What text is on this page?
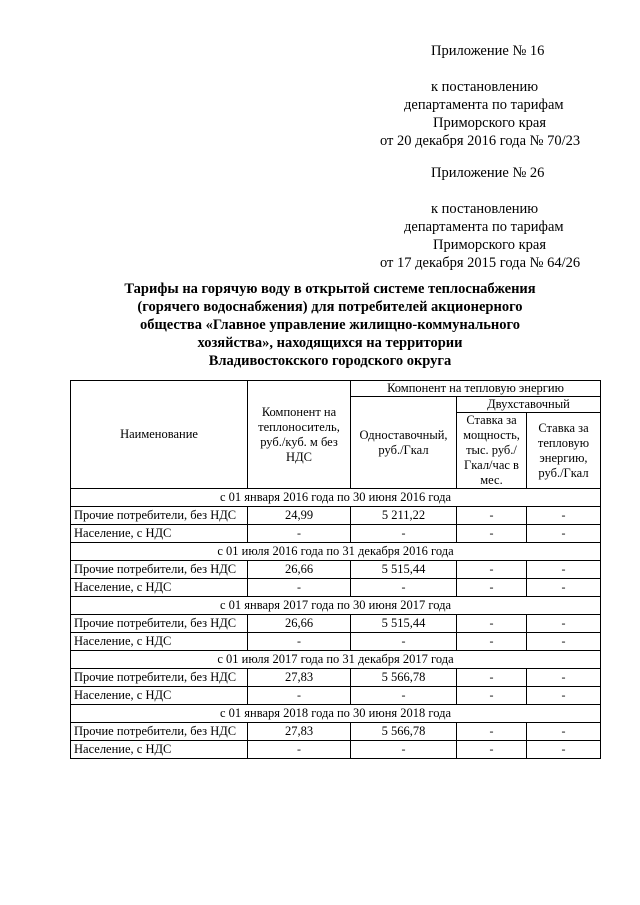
Приложение № 16
к постановлению
департамента по тарифам
Приморского края
от 20 декабря 2016 года № 70/23
Приложение № 26
к постановлению
департамента по тарифам
Приморского края
от 17 декабря 2015 года № 64/26
Тарифы на горячую воду в открытой системе теплоснабжения
(горячего водоснабжения) для потребителей акционерного
общества «Главное управление жилищно-коммунального
хозяйства», находящихся на территории
Владивостокского городского округа
Наименование	Компонент на теплоноситель, руб./куб. м без НДС	Компонент на тепловую энергию		
		Одноставочный, руб./Гкал	Двухставочный	
			Ставка за мощность, тыс. руб./Гкал/час в мес.	Ставка за тепловую энергию, руб./Гкал
с 01 января 2016 года по 30 июня 2016 года				
Прочие потребители, без НДС	24,99	5 211,22	-	-
Население, с НДС	-	-	-	-
с 01 июля 2016 года по 31 декабря 2016 года				
Прочие потребители, без НДС	26,66	5 515,44	-	-
Население, с НДС	-	-	-	-
с 01 января 2017 года по 30 июня 2017 года				
Прочие потребители, без НДС	26,66	5 515,44	-	-
Население, с НДС	-	-	-	-
с 01 июля 2017 года по 31 декабря 2017 года				
Прочие потребители, без НДС	27,83	5 566,78	-	-
Население, с НДС	-	-	-	-
с 01 января 2018 года по 30 июня 2018 года				
Прочие потребители, без НДС	27,83	5 566,78	-	-
Население, с НДС	-	-	-	-
